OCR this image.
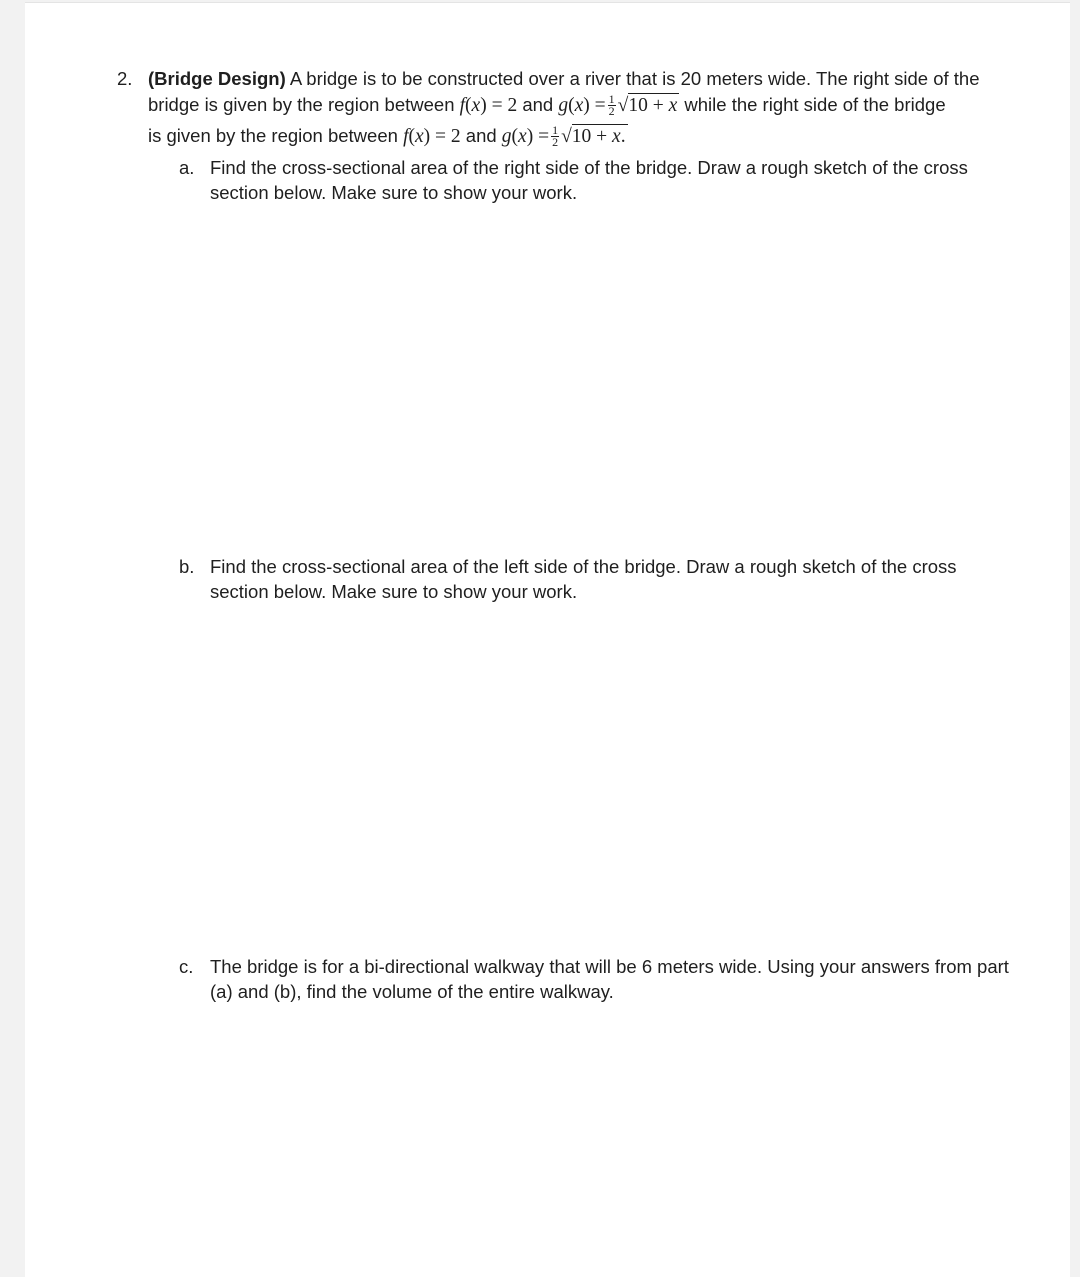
2. (Bridge Design) A bridge is to be constructed over a river that is 20 meters wide. The right side of the
bridge is given by the region between f(x) = 2 and $g(x) = \frac{1}{2} √10 + x$ while the right side of the bridge
is given by the region between f(x) = 2 and $g(x) = \frac{1}{2} √10 + x$.
a. Find the cross-sectional area of the right side of the bridge. Draw a rough sketch of the cross section below. Make sure to show your work.
b. Find the cross-sectional area of the left side of the bridge. Draw a rough sketch of the cross section below. Make sure to show your work.
c. The bridge is for a bi-directional walkway that will be 6 meters wide. Using your answers from part (a) and (b), find the volume of the entire walkway.
